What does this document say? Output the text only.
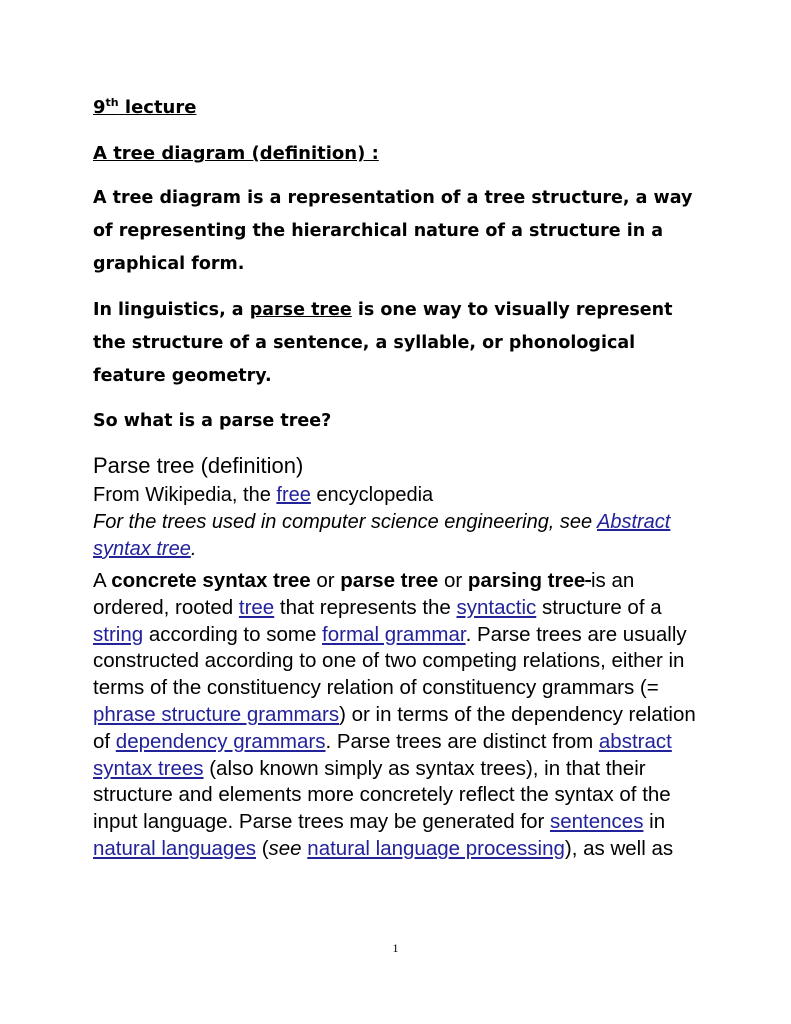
9th lecture
A tree diagram (definition) :
A tree diagram is a representation of a tree structure, a way of representing the hierarchical nature of a structure in a graphical form.
In linguistics, a parse tree is one way to visually represent the structure of a sentence, a syllable, or phonological feature geometry.
So what is a parse tree?
Parse tree (definition)
From Wikipedia, the free encyclopedia
For the trees used in computer science engineering, see Abstract syntax tree.
A concrete syntax tree or parse tree or parsing tree is an ordered, rooted tree that represents the syntactic structure of a string according to some formal grammar. Parse trees are usually constructed according to one of two competing relations, either in terms of the constituency relation of constituency grammars (= phrase structure grammars) or in terms of the dependency relation of dependency grammars. Parse trees are distinct from abstract syntax trees (also known simply as syntax trees), in that their structure and elements more concretely reflect the syntax of the input language. Parse trees may be generated for sentences in natural languages (see natural language processing), as well as
1
